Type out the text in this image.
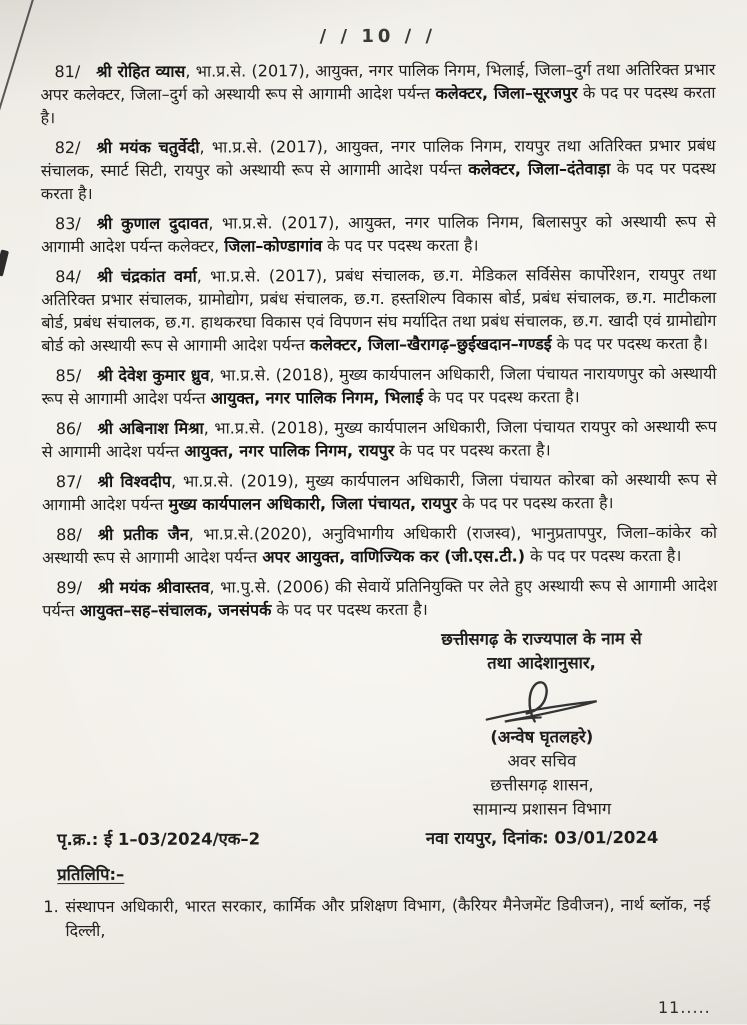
/ / 10 / /

81/ श्री रोहित व्यास, भा.प्र.से. (2017), आयुक्त, नगर पालिक निगम, भिलाई, जिला–दुर्ग तथा अतिरिक्त प्रभार अपर कलेक्टर, जिला–दुर्ग को अस्थायी रूप से आगामी आदेश पर्यन्त कलेक्टर, जिला–सूरजपुर के पद पर पदस्थ करता है।

82/ श्री मयंक चतुर्वेदी, भा.प्र.से. (2017), आयुक्त, नगर पालिक निगम, रायपुर तथा अतिरिक्त प्रभार प्रबंध संचालक, स्मार्ट सिटी, रायपुर को अस्थायी रूप से आगामी आदेश पर्यन्त कलेक्टर, जिला–दंतेवाड़ा के पद पर पदस्थ करता है।

83/ श्री कुणाल दुदावत, भा.प्र.से. (2017), आयुक्त, नगर पालिक निगम, बिलासपुर को अस्थायी रूप से आगामी आदेश पर्यन्त कलेक्टर, जिला–कोण्डागांव के पद पर पदस्थ करता है।

84/ श्री चंद्रकांत वर्मा, भा.प्र.से. (2017), प्रबंध संचालक, छ.ग. मेडिकल सर्विसेस कार्पोरेशन, रायपुर तथा अतिरिक्त प्रभार संचालक, ग्रामोद्योग, प्रबंध संचालक, छ.ग. हस्तशिल्प विकास बोर्ड, प्रबंध संचालक, छ.ग. माटीकला बोर्ड, प्रबंध संचालक, छ.ग. हाथकरघा विकास एवं विपणन संघ मर्यादित तथा प्रबंध संचालक, छ.ग. खादी एवं ग्रामोद्योग बोर्ड को अस्थायी रूप से आगामी आदेश पर्यन्त कलेक्टर, जिला–खैरागढ़–छुईखदान–गण्डई के पद पर पदस्थ करता है।

85/ श्री देवेश कुमार ध्रुव, भा.प्र.से. (2018), मुख्य कार्यपालन अधिकारी, जिला पंचायत नारायणपुर को अस्थायी रूप से आगामी आदेश पर्यन्त आयुक्त, नगर पालिक निगम, भिलाई के पद पर पदस्थ करता है।

86/ श्री अबिनाश मिश्रा, भा.प्र.से. (2018), मुख्य कार्यपालन अधिकारी, जिला पंचायत रायपुर को अस्थायी रूप से आगामी आदेश पर्यन्त आयुक्त, नगर पालिक निगम, रायपुर के पद पर पदस्थ करता है।

87/ श्री विश्वदीप, भा.प्र.से. (2019), मुख्य कार्यपालन अधिकारी, जिला पंचायत कोरबा को अस्थायी रूप से आगामी आदेश पर्यन्त मुख्य कार्यपालन अधिकारी, जिला पंचायत, रायपुर के पद पर पदस्थ करता है।

88/ श्री प्रतीक जैन, भा.प्र.से.(2020), अनुविभागीय अधिकारी (राजस्व), भानुप्रतापपुर, जिला–कांकेर को अस्थायी रूप से आगामी आदेश पर्यन्त अपर आयुक्त, वाणिज्यिक कर (जी.एस.टी.) के पद पर पदस्थ करता है।

89/ श्री मयंक श्रीवास्तव, भा.पु.से. (2006) की सेवायें प्रतिनियुक्ति पर लेते हुए अस्थायी रूप से आगामी आदेश पर्यन्त आयुक्त–सह–संचालक, जनसंपर्क के पद पर पदस्थ करता है।

छत्तीसगढ़ के राज्यपाल के नाम से
तथा आदेशानुसार,
(अन्वेष घृतलहरे)
अवर सचिव
छत्तीसगढ़ शासन,
सामान्य प्रशासन विभाग
पृ.क्र.: ई 1–03/2024/एक–2	नवा रायपुर, दिनांक: 03/01/2024
प्रतिलिपि:–
1. संस्थापन अधिकारी, भारत सरकार, कार्मिक और प्रशिक्षण विभाग, (कैरियर मैनेजमेंट डिवीजन), नार्थ ब्लॉक, नई दिल्ली,
11.....
